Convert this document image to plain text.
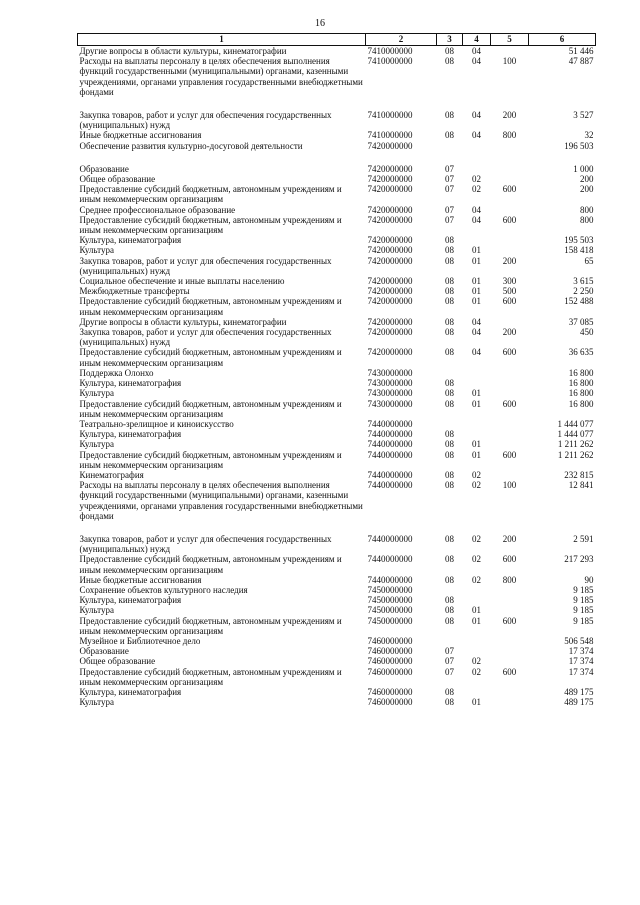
16
1	2	3	4	5	6
Другие вопросы в области культуры, кинематографии	7410000000	08	04		51 446
Расходы на выплаты персоналу в целях обеспечения выполнения функций государственными (муниципальными) органами, казенными учреждениями, органами управления государственными внебюджетными фондами	7410000000	08	04	100	47 887

Закупка товаров, работ и услуг для обеспечения государственных (муниципальных) нужд	7410000000	08	04	200	3 527
Иные бюджетные ассигнования	7410000000	08	04	800	32
Обеспечение развития культурно-досуговой деятельности	7420000000				196 503

Образование	7420000000	07			1 000
Общее образование	7420000000	07	02		200
Предоставление субсидий бюджетным, автономным учреждениям и иным некоммерческим организациям	7420000000	07	02	600	200
Среднее профессиональное образование	7420000000	07	04		800
Предоставление субсидий бюджетным, автономным учреждениям и иным некоммерческим организациям	7420000000	07	04	600	800
Культура, кинематография	7420000000	08			195 503
Культура	7420000000	08	01		158 418
Закупка товаров, работ и услуг для обеспечения государственных (муниципальных) нужд	7420000000	08	01	200	65
Социальное обеспечение и иные выплаты населению	7420000000	08	01	300	3 615
Межбюджетные трансферты	7420000000	08	01	500	2 250
Предоставление субсидий бюджетным, автономным учреждениям и иным некоммерческим организациям	7420000000	08	01	600	152 488
Другие вопросы в области культуры, кинематографии	7420000000	08	04		37 085
Закупка товаров, работ и услуг для обеспечения государственных (муниципальных) нужд	7420000000	08	04	200	450
Предоставление субсидий бюджетным, автономным учреждениям и иным некоммерческим организациям	7420000000	08	04	600	36 635
Поддержка Олонхо	7430000000				16 800
Культура, кинематография	7430000000	08			16 800
Культура	7430000000	08	01		16 800
Предоставление субсидий бюджетным, автономным учреждениям и иным некоммерческим организациям	7430000000	08	01	600	16 800
Театрально-зрелищное и киноискусство	7440000000				1 444 077
Культура, кинематография	7440000000	08			1 444 077
Культура	7440000000	08	01		1 211 262
Предоставление субсидий бюджетным, автономным учреждениям и иным некоммерческим организациям	7440000000	08	01	600	1 211 262
Кинематография	7440000000	08	02		232 815
Расходы на выплаты персоналу в целях обеспечения выполнения функций государственными (муниципальными) органами, казенными учреждениями, органами управления государственными внебюджетными фондами	7440000000	08	02	100	12 841

Закупка товаров, работ и услуг для обеспечения государственных (муниципальных) нужд	7440000000	08	02	200	2 591
Предоставление субсидий бюджетным, автономным учреждениям и иным некоммерческим организациям	7440000000	08	02	600	217 293
Иные бюджетные ассигнования	7440000000	08	02	800	90
Сохранение объектов культурного наследия	7450000000				9 185
Культура, кинематография	7450000000	08			9 185
Культура	7450000000	08	01		9 185
Предоставление субсидий бюджетным, автономным учреждениям и иным некоммерческим организациям	7450000000	08	01	600	9 185
Музейное и Библиотечное дело	7460000000				506 548
Образование	7460000000	07			17 374
Общее образование	7460000000	07	02		17 374
Предоставление субсидий бюджетным, автономным учреждениям и иным некоммерческим организациям	7460000000	07	02	600	17 374
Культура, кинематография	7460000000	08			489 175
Культура	7460000000	08	01		489 175
